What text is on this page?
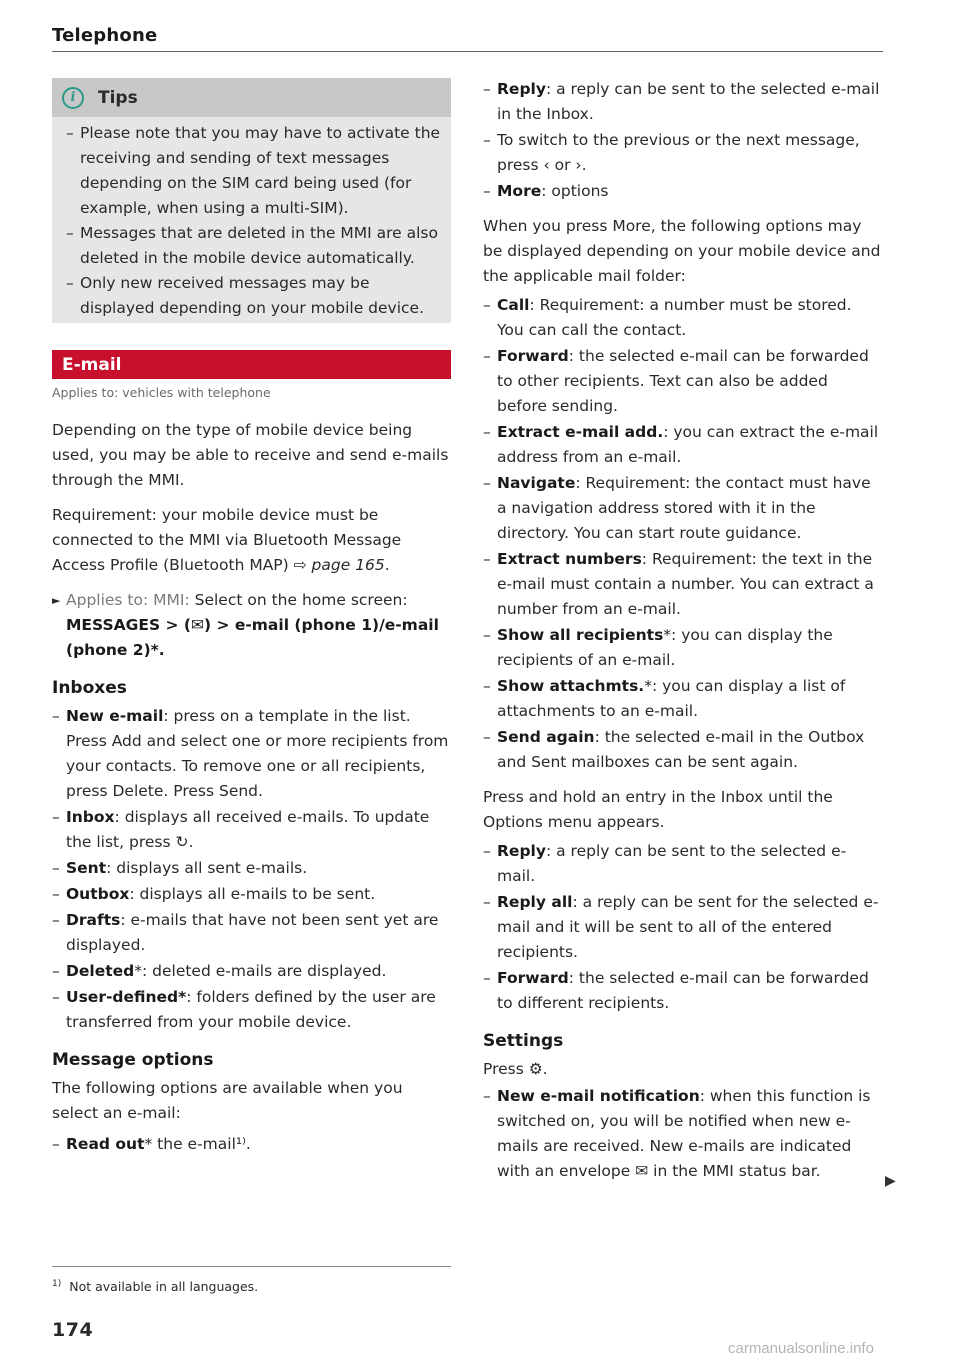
Telephone
i	Tips
– Please note that you may have to activate the receiving and sending of text messages depending on the SIM card being used (for example, when using a multi-SIM).
– Messages that are deleted in the MMI are also deleted in the mobile device automatically.
– Only new received messages may be displayed depending on your mobile device.
E-mail
Applies to: vehicles with telephone

Depending on the type of mobile device being used, you may be able to receive and send e-mails through the MMI.

Requirement: your mobile device must be connected to the MMI via Bluetooth Message Access Profile (Bluetooth MAP) ⇨ page 165.

► Applies to: MMI: Select on the home screen: MESSAGES > (✉) > e-mail (phone 1)/e-mail (phone 2)*.
Inboxes
– New e-mail: press on a template in the list. Press Add and select one or more recipients from your contacts. To remove one or all recipients, press Delete. Press Send.
– Inbox: displays all received e-mails. To update the list, press ↻.
– Sent: displays all sent e-mails.
– Outbox: displays all e-mails to be sent.
– Drafts: e-mails that have not been sent yet are displayed.
– Deleted*: deleted e-mails are displayed.
– User-defined*: folders defined by the user are transferred from your mobile device.
Message options

The following options are available when you select an e-mail:

– Read out* the e-mail¹⁾.
– Reply: a reply can be sent to the selected e-mail in the Inbox.
– To switch to the previous or the next message, press ‹ or ›.
– More: options

When you press More, the following options may be displayed depending on your mobile device and the applicable mail folder:

– Call: Requirement: a number must be stored. You can call the contact.
– Forward: the selected e-mail can be forwarded to other recipients. Text can also be added before sending.
– Extract e-mail add.: you can extract the e-mail address from an e-mail.
– Navigate: Requirement: the contact must have a navigation address stored with it in the directory. You can start route guidance.
– Extract numbers: Requirement: the text in the e-mail must contain a number. You can extract a number from an e-mail.
– Show all recipients*: you can display the recipients of an e-mail.
– Show attachmts.*: you can display a list of attachments to an e-mail.
– Send again: the selected e-mail in the Outbox and Sent mailboxes can be sent again.

Press and hold an entry in the Inbox until the Options menu appears.

– Reply: a reply can be sent to the selected e-mail.
– Reply all: a reply can be sent for the selected e-mail and it will be sent to all of the entered recipients.
– Forward: the selected e-mail can be forwarded to different recipients.
Settings

Press ⚙.

– New e-mail notification: when this function is switched on, you will be notified when new e-mails are received. New e-mails are indicated with an envelope ✉ in the MMI status bar.
▶
$^{1)}$ Not available in all languages.
174
carmanualsonline.info
